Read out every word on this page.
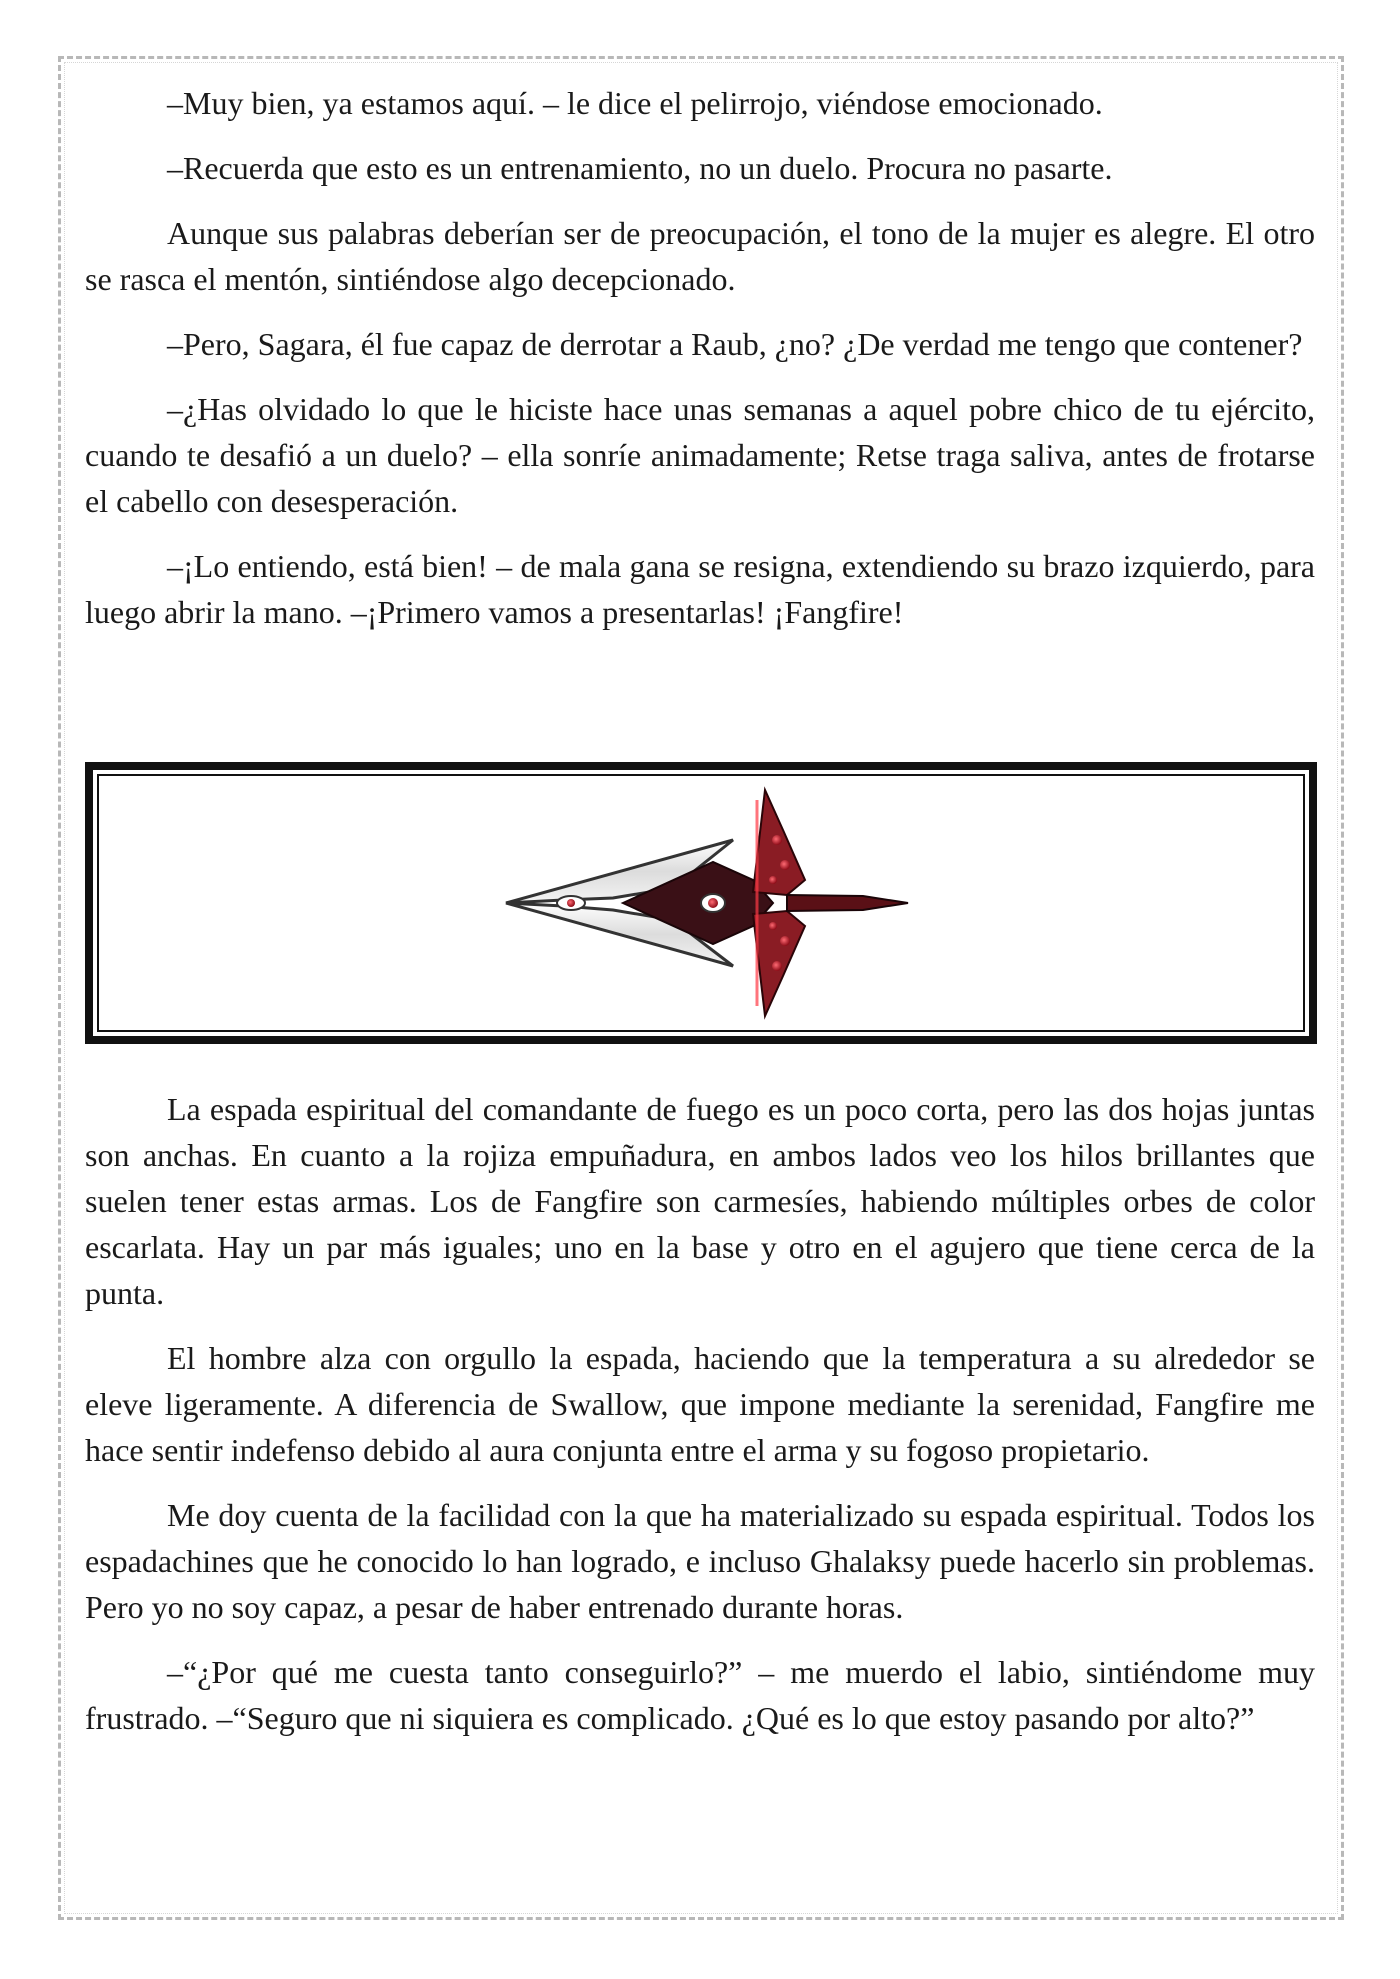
–Muy bien, ya estamos aquí. – le dice el pelirrojo, viéndose emocionado.

–Recuerda que esto es un entrenamiento, no un duelo. Procura no pasarte.

Aunque sus palabras deberían ser de preocupación, el tono de la mujer es alegre. El otro se rasca el mentón, sintiéndose algo decepcionado.

–Pero, Sagara, él fue capaz de derrotar a Raub, ¿no? ¿De verdad me tengo que contener?

–¿Has olvidado lo que le hiciste hace unas semanas a aquel pobre chico de tu ejército, cuando te desafió a un duelo? – ella sonríe animadamente; Retse traga saliva, antes de frotarse el cabello con desesperación.

–¡Lo entiendo, está bien! – de mala gana se resigna, extendiendo su brazo izquierdo, para luego abrir la mano. –¡Primero vamos a presentarlas! ¡Fangfire!

La espada espiritual del comandante de fuego es un poco corta, pero las dos hojas juntas son anchas. En cuanto a la rojiza empuñadura, en ambos lados veo los hilos brillantes que suelen tener estas armas. Los de Fangfire son carmesíes, habiendo múltiples orbes de color escarlata. Hay un par más iguales; uno en la base y otro en el agujero que tiene cerca de la punta.

El hombre alza con orgullo la espada, haciendo que la temperatura a su alrededor se eleve ligeramente. A diferencia de Swallow, que impone mediante la serenidad, Fangfire me hace sentir indefenso debido al aura conjunta entre el arma y su fogoso propietario.

Me doy cuenta de la facilidad con la que ha materializado su espada espiritual. Todos los espadachines que he conocido lo han logrado, e incluso Ghalaksy puede hacerlo sin problemas. Pero yo no soy capaz, a pesar de haber entrenado durante horas.

–“¿Por qué me cuesta tanto conseguirlo?” – me muerdo el labio, sintiéndome muy frustrado. –“Seguro que ni siquiera es complicado. ¿Qué es lo que estoy pasando por alto?”
